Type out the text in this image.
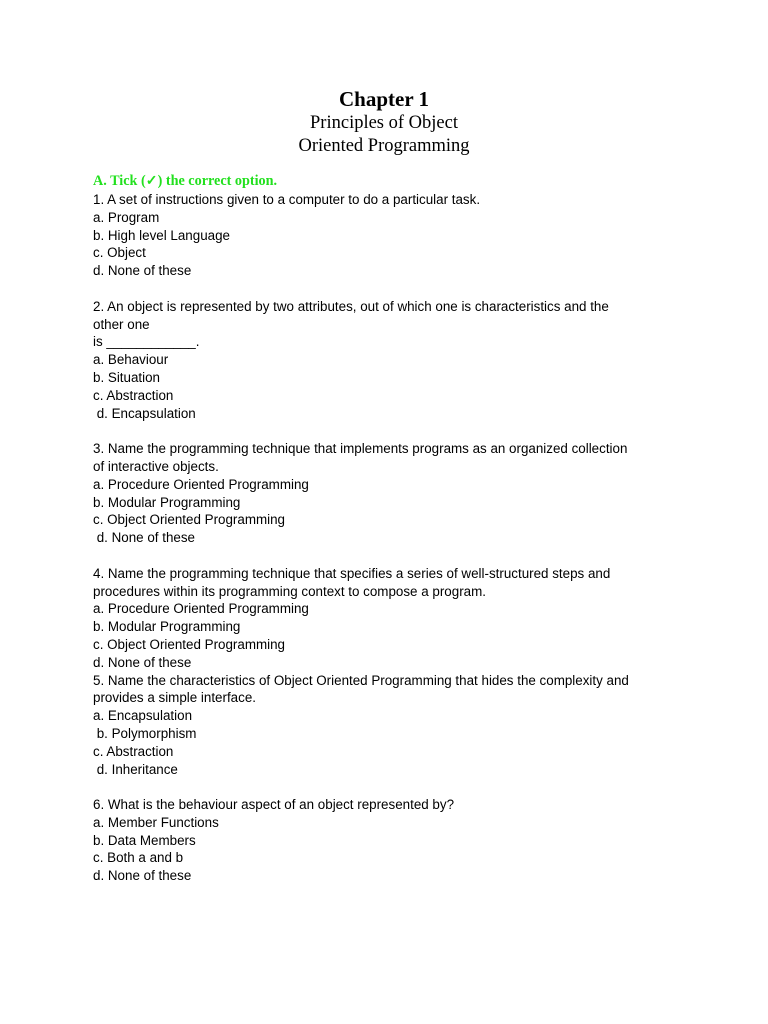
Chapter 1
Principles of Object
Oriented Programming
A. Tick (✓) the correct option.
1. A set of instructions given to a computer to do a particular task.
a. Program
b. High level Language
c. Object
d. None of these
2. An object is represented by two attributes, out of which one is characteristics and the
other one
is ____________.
a. Behaviour
b. Situation
c. Abstraction
d. Encapsulation
3. Name the programming technique that implements programs as an organized collection
of interactive objects.
a. Procedure Oriented Programming
b. Modular Programming
c. Object Oriented Programming
d. None of these
4. Name the programming technique that specifies a series of well-structured steps and
procedures within its programming context to compose a program.
a. Procedure Oriented Programming
b. Modular Programming
c. Object Oriented Programming
d. None of these
5. Name the characteristics of Object Oriented Programming that hides the complexity and
provides a simple interface.
a. Encapsulation
b. Polymorphism
c. Abstraction
d. Inheritance
6. What is the behaviour aspect of an object represented by?
a. Member Functions
b. Data Members
c. Both a and b
d. None of these
